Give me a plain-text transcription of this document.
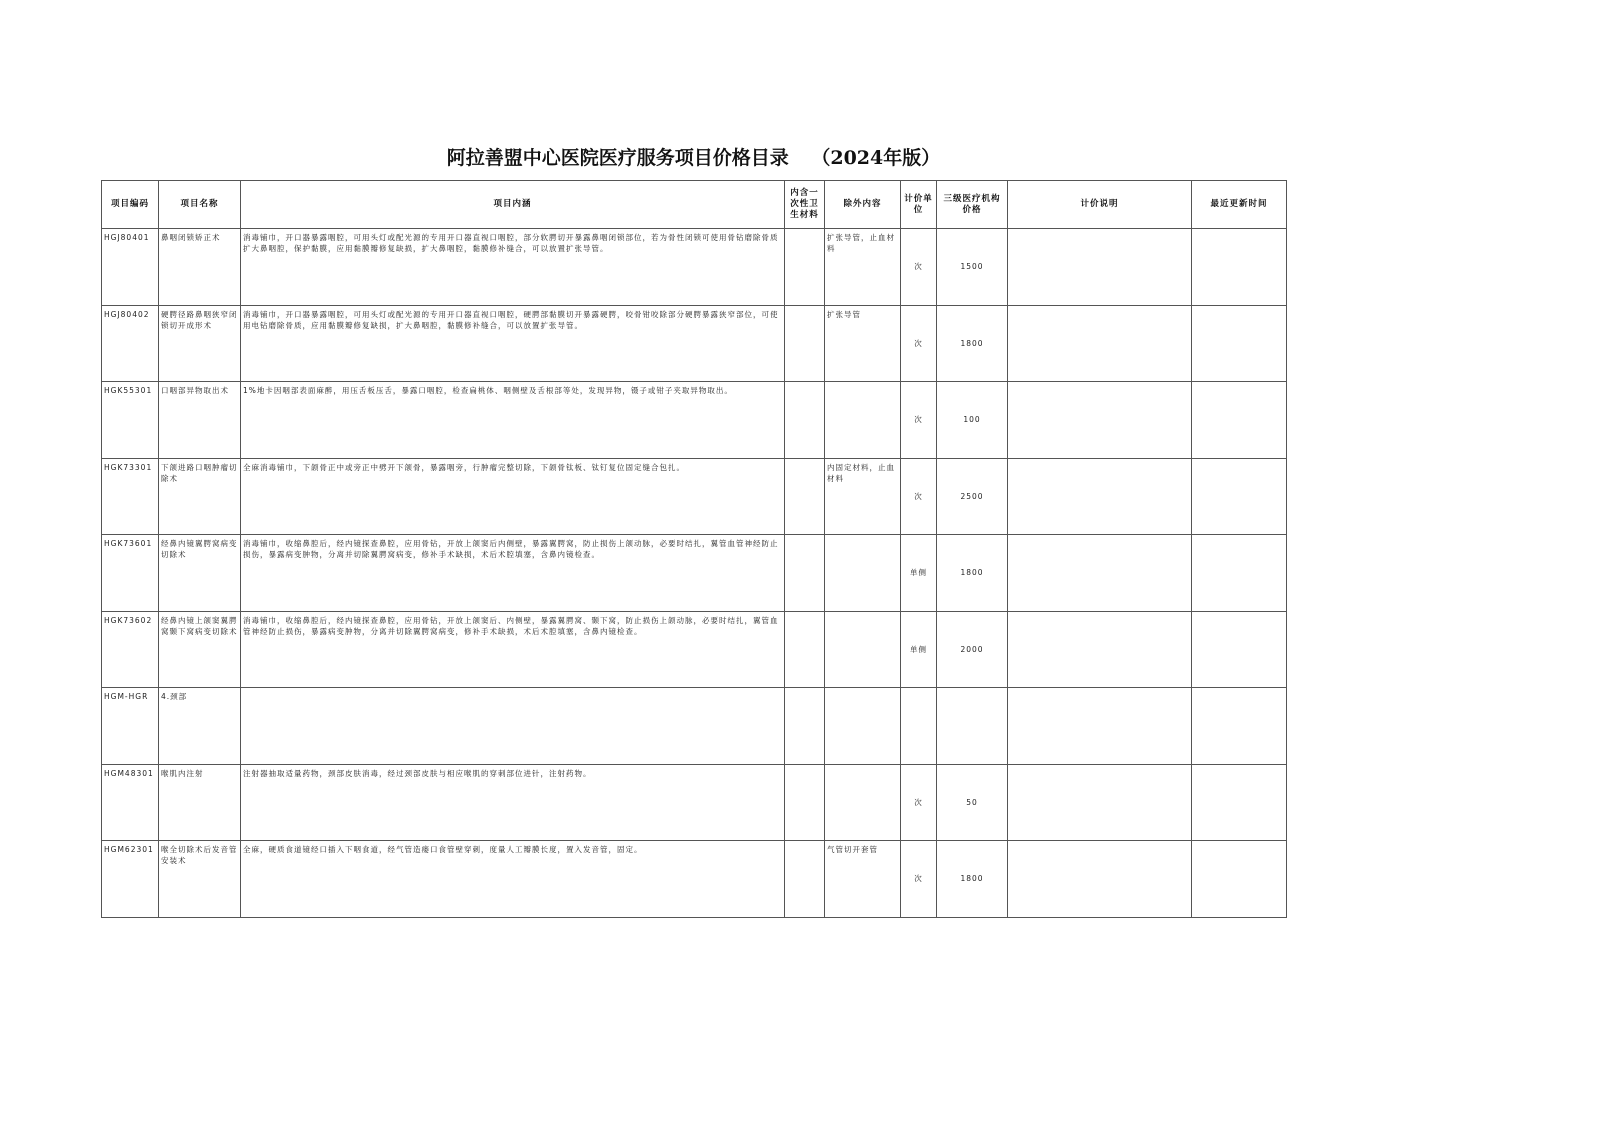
阿拉善盟中心医院医疗服务项目价格目录 （2024年版）
项目编码	项目名称	项目内涵	内含一次性卫生材料	除外内容	计价单位	三级医疗机构价格	计价说明	最近更新时间
HGJ80401	鼻咽闭锁矫正术	消毒铺巾，开口器暴露咽腔，可用头灯或配光源的专用开口器直视口咽腔，部分软腭切开暴露鼻咽闭锁部位，若为骨性闭锁可使用骨钻磨除骨质扩大鼻咽腔，保护黏膜，应用黏膜瓣修复缺损，扩大鼻咽腔，黏膜修补缝合，可以放置扩张导管。		扩张导管，止血材料	次	1500		
HGJ80402	硬腭径路鼻咽狭窄闭锁切开成形术	消毒铺巾，开口器暴露咽腔，可用头灯或配光源的专用开口器直视口咽腔，硬腭部黏膜切开暴露硬腭，咬骨钳咬除部分硬腭暴露狭窄部位，可使用电钻磨除骨质，应用黏膜瓣修复缺损，扩大鼻咽腔，黏膜修补缝合，可以放置扩张导管。		扩张导管	次	1800		
HGK55301	口咽部异物取出术	1%地卡因咽部表面麻醉，用压舌板压舌，暴露口咽腔，检查扁桃体、咽侧壁及舌根部等处，发现异物，镊子或钳子夹取异物取出。			次	100		
HGK73301	下颌进路口咽肿瘤切除术	全麻消毒铺巾，下颌骨正中或旁正中劈开下颌骨，暴露咽旁，行肿瘤完整切除，下颌骨钛板、钛钉复位固定缝合包扎。		内固定材料，止血材料	次	2500		
HGK73601	经鼻内镜翼腭窝病变切除术	消毒铺巾，收缩鼻腔后，经内镜探查鼻腔，应用骨钻，开放上颌窦后内侧壁，暴露翼腭窝，防止损伤上颌动脉，必要时结扎，翼管血管神经防止损伤，暴露病变肿物，分离并切除翼腭窝病变，修补手术缺损，术后术腔填塞，含鼻内镜检查。			单侧	1800		
HGK73602	经鼻内镜上颌窦翼腭窝颞下窝病变切除术	消毒铺巾，收缩鼻腔后，经内镜探查鼻腔，应用骨钻，开放上颌窦后、内侧壁，暴露翼腭窝、颞下窝，防止损伤上颌动脉，必要时结扎，翼管血管神经防止损伤，暴露病变肿物，分离并切除翼腭窝病变，修补手术缺损，术后术腔填塞，含鼻内镜检查。			单侧	2000		
HGM-HGR	4.颈部							
HGM48301	喉肌内注射	注射器抽取适量药物，颈部皮肤消毒，经过颈部皮肤与相应喉肌的穿刺部位进针，注射药物。			次	50		
HGM62301	喉全切除术后发音管安装术	全麻，硬质食道镜经口插入下咽食道，经气管造瘘口食管壁穿刺，度量人工瓣膜长度，置入发音管，固定。		气管切开套管	次	1800		
